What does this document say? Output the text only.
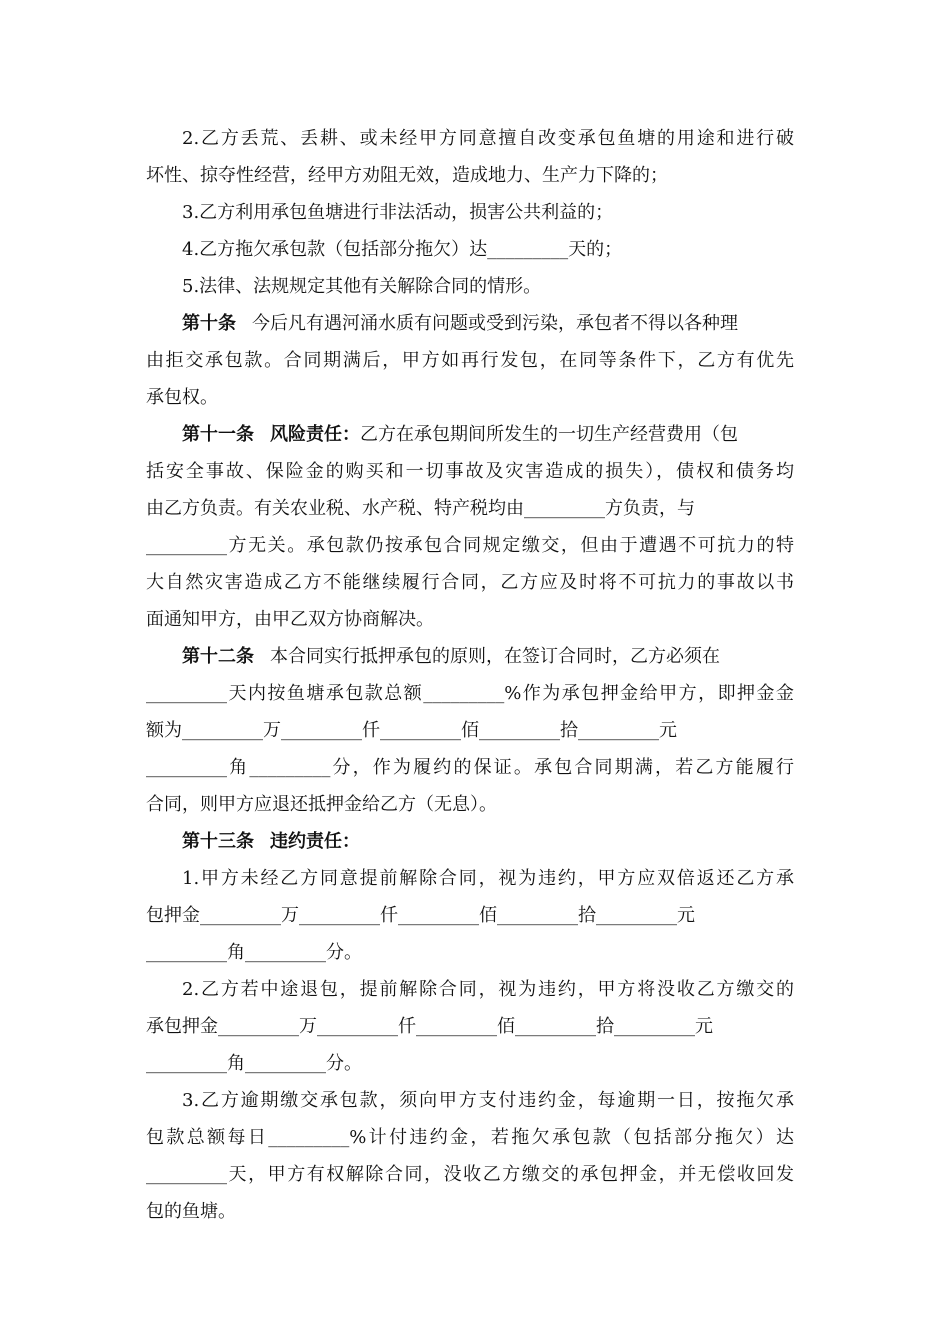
2.乙方丢荒、丢耕、或未经甲方同意擅自改变承包鱼塘的用途和进行破
坏性、掠夺性经营，经甲方劝阻无效，造成地力、生产力下降的；
3.乙方利用承包鱼塘进行非法活动，损害公共利益的；
4.乙方拖欠承包款（包括部分拖欠）达_________天的；
5.法律、法规规定其他有关解除合同的情形。
第十条 今后凡有遇河涌水质有问题或受到污染，承包者不得以各种理
由拒交承包款。合同期满后，甲方如再行发包，在同等条件下，乙方有优先
承包权。
第十一条 风险责任：乙方在承包期间所发生的一切生产经营费用（包
括安全事故、保险金的购买和一切事故及灾害造成的损失），债权和债务均
由乙方负责。有关农业税、水产税、特产税均由_________方负责，与
_________方无关。承包款仍按承包合同规定缴交，但由于遭遇不可抗力的特
大自然灾害造成乙方不能继续履行合同，乙方应及时将不可抗力的事故以书
面通知甲方，由甲乙双方协商解决。
第十二条 本合同实行抵押承包的原则，在签订合同时，乙方必须在
_________天内按鱼塘承包款总额_________%作为承包押金给甲方，即押金金
额为_________万_________仟_________佰_________拾_________元
_________角_________分，作为履约的保证。承包合同期满，若乙方能履行
合同，则甲方应退还抵押金给乙方（无息）。
第十三条 违约责任：
1.甲方未经乙方同意提前解除合同，视为违约，甲方应双倍返还乙方承
包押金_________万_________仟_________佰_________拾_________元
_________角_________分。
2.乙方若中途退包，提前解除合同，视为违约，甲方将没收乙方缴交的
承包押金_________万_________仟_________佰_________拾_________元
_________角_________分。
3.乙方逾期缴交承包款，须向甲方支付违约金，每逾期一日，按拖欠承
包款总额每日_________%计付违约金，若拖欠承包款（包括部分拖欠）达
_________天，甲方有权解除合同，没收乙方缴交的承包押金，并无偿收回发
包的鱼塘。
